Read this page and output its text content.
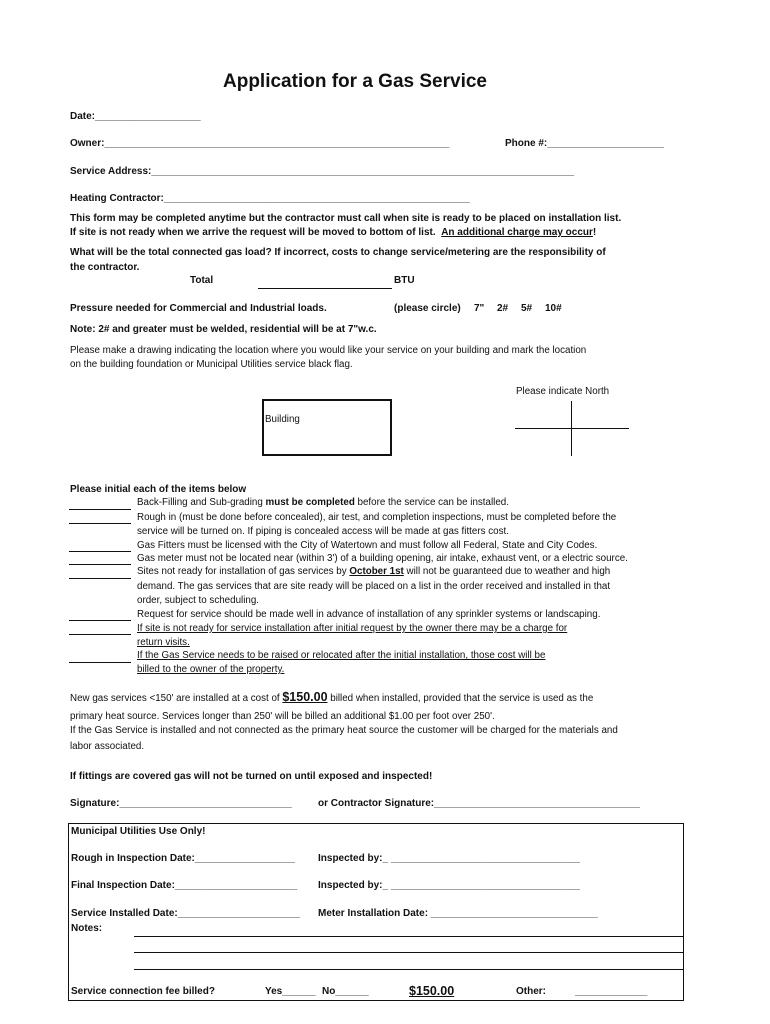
Application for a Gas Service
Date:___________________
Owner:______________________________________________________________	Phone #:_____________________
Service Address:____________________________________________________________________________
Heating Contractor:_______________________________________________________
This form may be completed anytime but the contractor must call when site is ready to be placed on installation list.
If site is not ready when we arrive the request will be moved to bottom of list. An additional charge may occur!
What will be the total connected gas load? If incorrect, costs to change service/metering are the responsibility of
the contractor.
Total	BTU
Pressure needed for Commercial and Industrial loads.	(please circle) 7" 2# 5# 10#
Note: 2# and greater must be welded, residential will be at 7"w.c.
Please make a drawing indicating the location where you would like your service on your building and mark the location
on the building foundation or Municipal Utilities service black flag.
Please indicate North
Building
Please initial each of the items below
Back-Filling and Sub-grading must be completed before the service can be installed.
Rough in (must be done before concealed), air test, and completion inspections, must be completed before the
service will be turned on. If piping is concealed access will be made at gas fitters cost.
Gas Fitters must be licensed with the City of Watertown and must follow all Federal, State and City Codes.
Gas meter must not be located near (within 3') of a building opening, air intake, exhaust vent, or a electric source.
Sites not ready for installation of gas services by October 1st will not be guaranteed due to weather and high
demand. The gas services that are site ready will be placed on a list in the order received and installed in that
order, subject to scheduling.
Request for service should be made well in advance of installation of any sprinkler systems or landscaping.
If site is not ready for service installation after initial request by the owner there may be a charge for
return visits.
If the Gas Service needs to be raised or relocated after the initial installation, those cost will be
billed to the owner of the property.
New gas services <150' are installed at a cost of $150.00 billed when installed, provided that the service is used as the
primary heat source. Services longer than 250' will be billed an additional $1.00 per foot over 250'.
If the Gas Service is installed and not connected as the primary heat source the customer will be charged for the materials and
labor associated.
If fittings are covered gas will not be turned on until exposed and inspected!
Signature:_______________________________	or Contractor Signature:_____________________________________
Municipal Utilities Use Only!
Rough in Inspection Date:__________________ Inspected by:_ __________________________________
Final Inspection Date:______________________ Inspected by:_ __________________________________
Service Installed Date:______________________ Meter Installation Date: ______________________________
Notes:
Service connection fee billed?	Yes______ No______	$150.00	Other:	_____________
